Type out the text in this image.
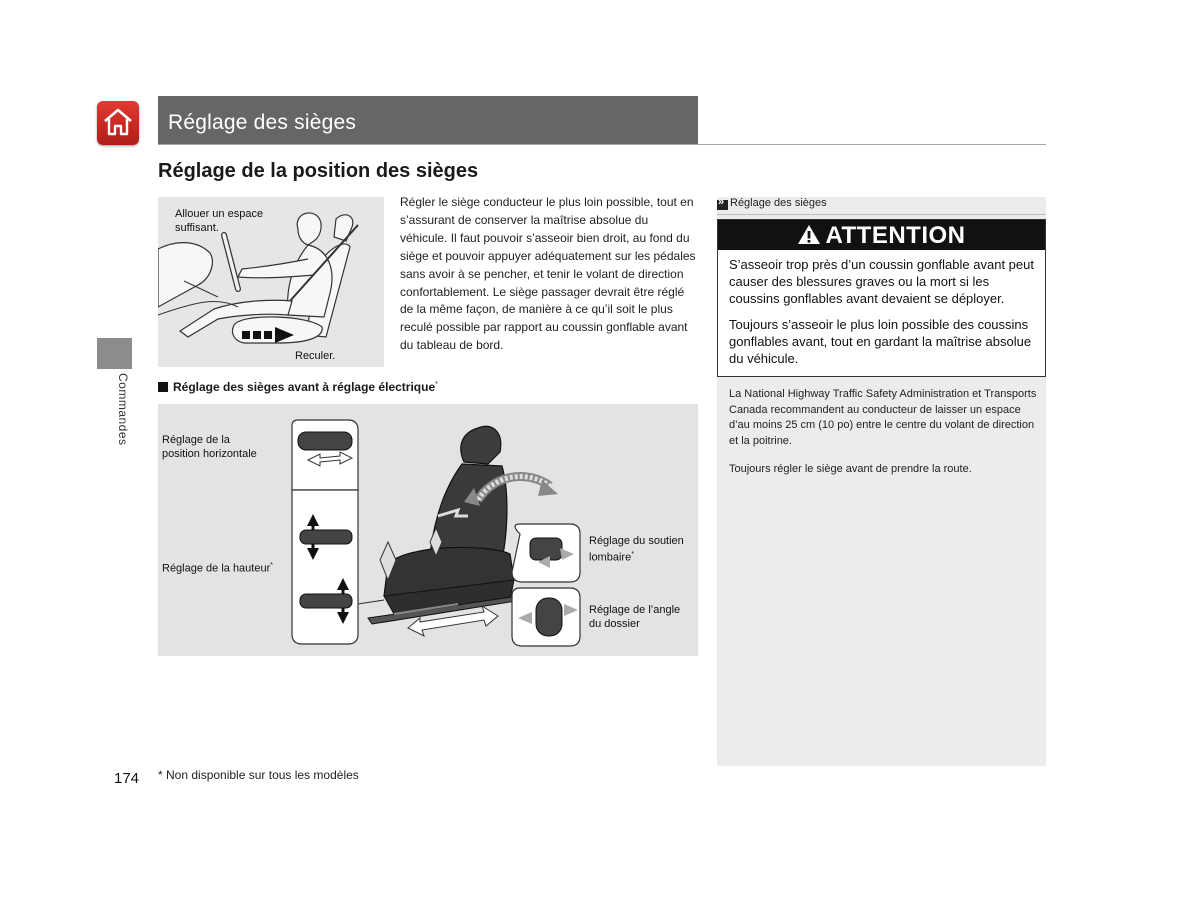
Réglage des sièges
Réglage de la position des sièges
Commandes
Allouer un espace
suffisant.
Reculer.
Régler le siège conducteur le plus loin possible, tout en s’assurant de conserver la maîtrise absolue du véhicule. Il faut pouvoir s’asseoir bien droit, au fond du siège et pouvoir appuyer adéquatement sur les pédales sans avoir à se pencher, et tenir le volant de direction confortablement. Le siège passager devrait être réglé de la même façon, de manière à ce qu’il soit le plus reculé possible par rapport au coussin gonflable avant du tableau de bord.
Réglage des sièges avant à réglage électrique*
Réglage de la
position horizontale
Réglage de la hauteur*
Réglage du soutien
lombaire*
Réglage de l’angle
du dossier
»
Réglage des sièges
ATTENTION
S’asseoir trop près d’un coussin gonflable avant peut causer des blessures graves ou la mort si les coussins gonflables avant devaient se déployer.
Toujours s’asseoir le plus loin possible des coussins gonflables avant, tout en gardant la maîtrise absolue du véhicule.
La National Highway Traffic Safety Administration et Transports Canada recommandent au conducteur de laisser un espace d’au moins 25 cm (10 po) entre le centre du volant de direction et la poitrine.
Toujours régler le siège avant de prendre la route.
174 * Non disponible sur tous les modèles
